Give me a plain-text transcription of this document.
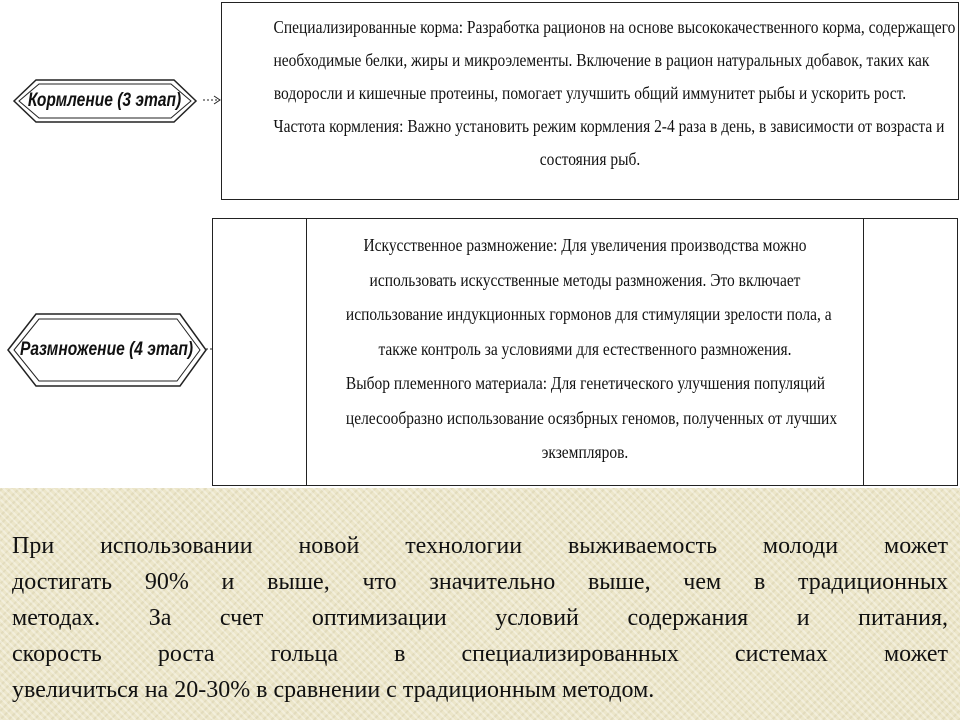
Кормление (3 этап)

Специализированные корма: Разработка рационов на основе высококачественного корма, содержащего
необходимые белки, жиры и микроэлементы. Включение в рацион натуральных добавок, таких как
водоросли и кишечные протеины, помогает улучшить общий иммунитет рыбы и ускорить рост.
Частота кормления: Важно установить режим кормления 2-4 раза в день, в зависимости от возраста и
состояния рыб.

Размножение (4 этап)

Искусственное размножение: Для увеличения производства можно
использовать искусственные методы размножения. Это включает
использование индукционных гормонов для стимуляции зрелости пола, а
также контроль за условиями для естественного размножения.
Выбор племенного материала: Для генетического улучшения популяций
целесообразно использование осязбрных геномов, полученных от лучших
экземпляров.

При использовании новой технологии выживаемость молоди может
достигать 90% и выше, что значительно выше, чем в традиционных
методах. За счет оптимизации условий содержания и питания,
скорость роста гольца в специализированных системах может
увеличиться на 20-30% в сравнении с традиционным методом.
